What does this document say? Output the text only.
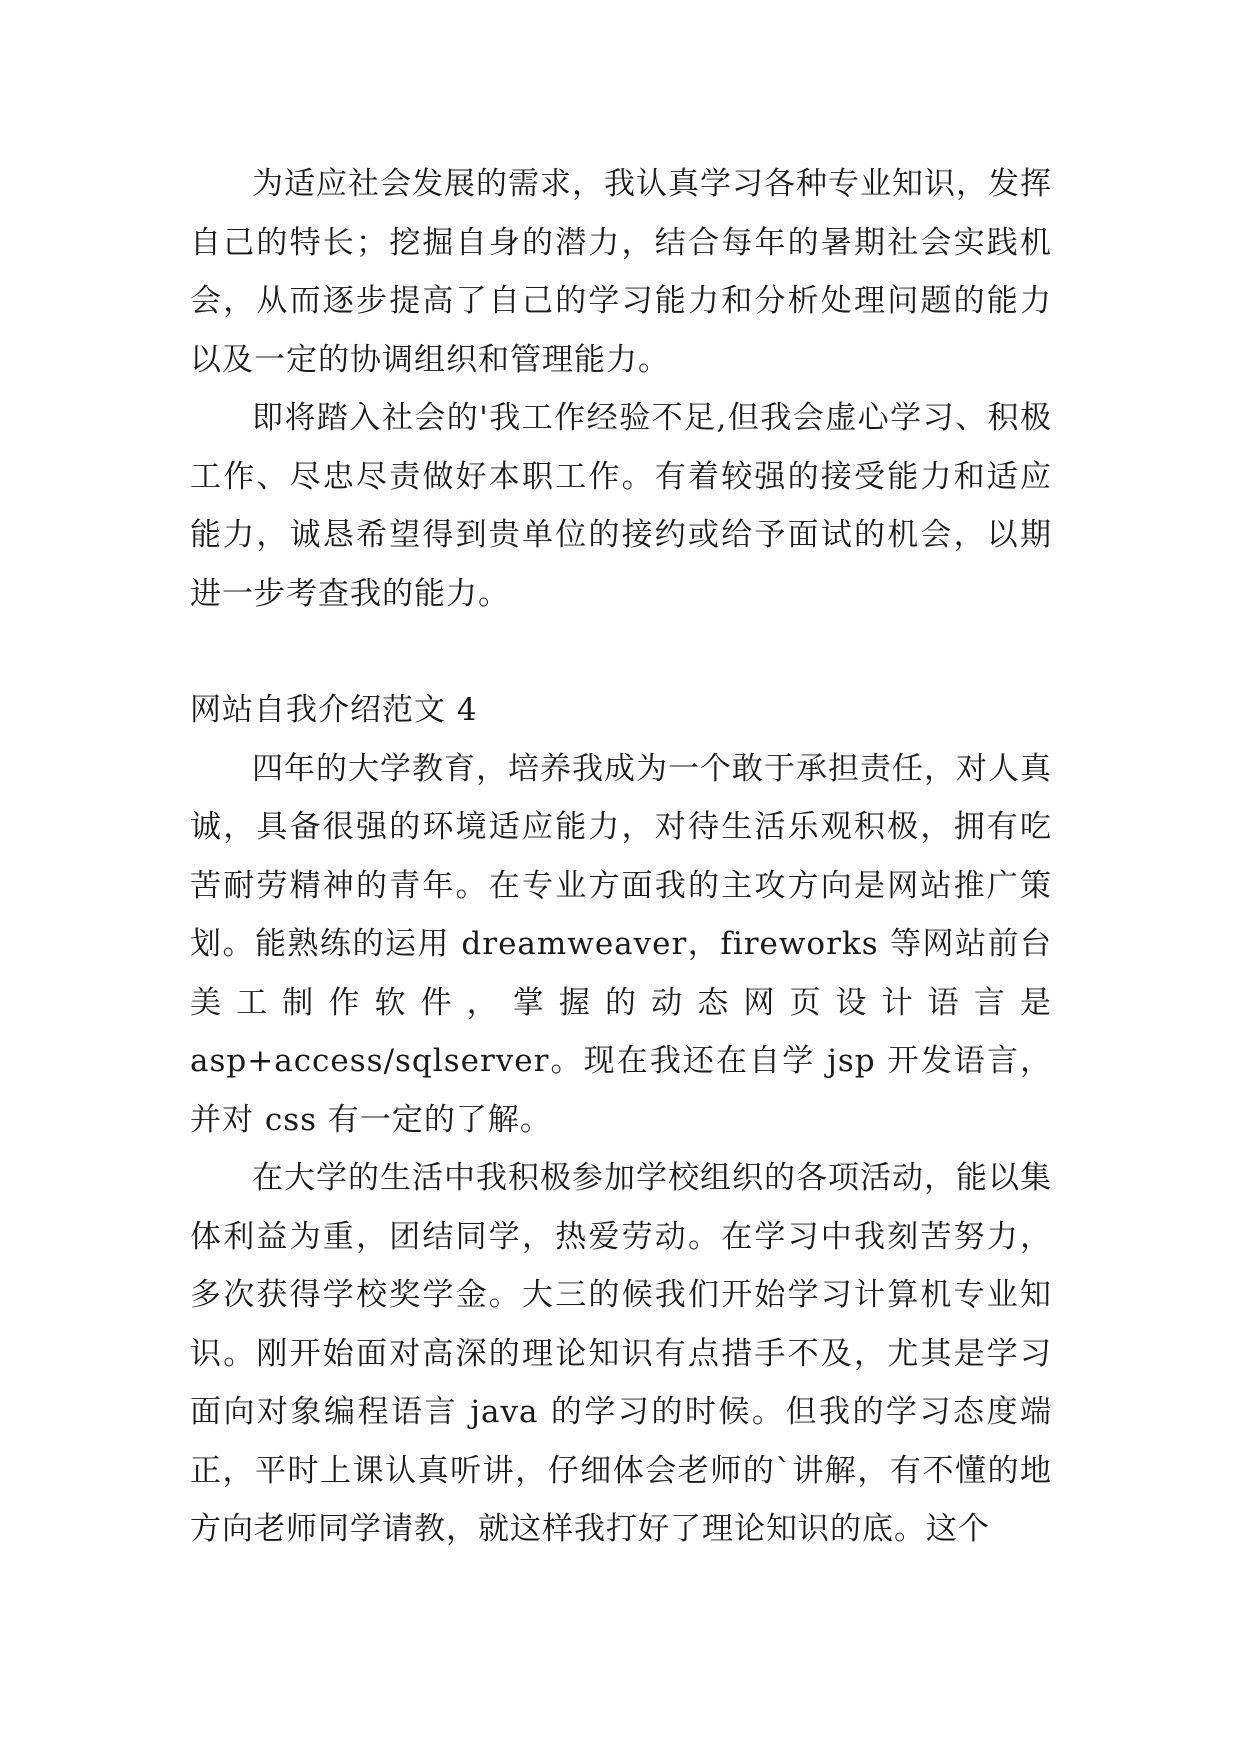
为适应社会发展的需求，我认真学习各种专业知识，发挥自己的特长；挖掘自身的潜力，结合每年的暑期社会实践机会，从而逐步提高了自己的学习能力和分析处理问题的能力以及一定的协调组织和管理能力。

即将踏入社会的'我工作经验不足,但我会虚心学习、积极工作、尽忠尽责做好本职工作。有着较强的接受能力和适应能力，诚恳希望得到贵单位的接约或给予面试的机会，以期进一步考查我的能力。

网站自我介绍范文 4

四年的大学教育，培养我成为一个敢于承担责任，对人真诚，具备很强的环境适应能力，对待生活乐观积极，拥有吃苦耐劳精神的青年。在专业方面我的主攻方向是网站推广策划。能熟练的运用 dreamweaver，fireworks 等网站前台美工制作软件，掌握的动态网页设计语言是 asp+access/sqlserver。现在我还在自学 jsp 开发语言，并对 css 有一定的了解。

在大学的生活中我积极参加学校组织的各项活动，能以集体利益为重，团结同学，热爱劳动。在学习中我刻苦努力，多次获得学校奖学金。大三的候我们开始学习计算机专业知识。刚开始面对高深的理论知识有点措手不及，尤其是学习面向对象编程语言 java 的学习的时候。但我的学习态度端正，平时上课认真听讲，仔细体会老师的`讲解，有不懂的地方向老师同学请教，就这样我打好了理论知识的底。这个
